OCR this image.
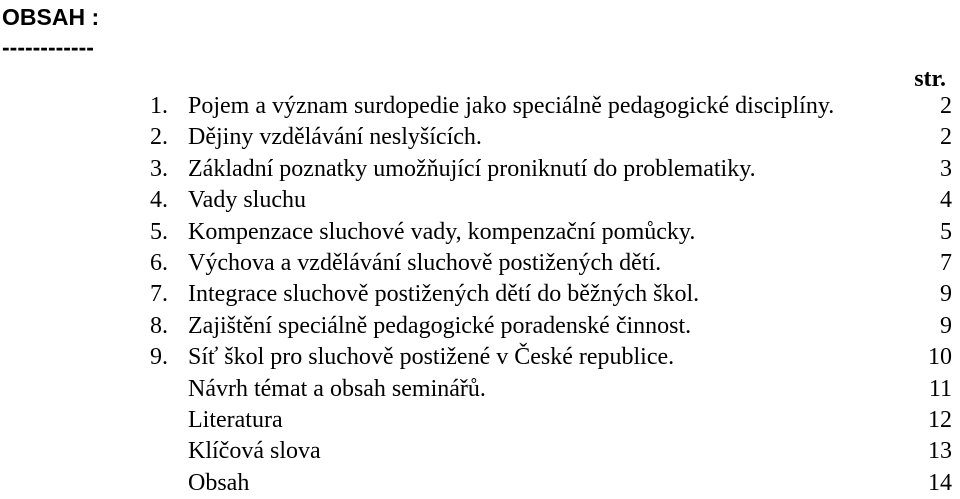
OBSAH :
------------
str.
1. Pojem a význam surdopedie jako speciálně pedagogické disciplíny.	2
2. Dějiny vzdělávání neslyšících.	2
3. Základní poznatky umožňující proniknutí do problematiky.	3
4. Vady sluchu	4
5. Kompenzace sluchové vady, kompenzační pomůcky.	5
6. Výchova a vzdělávání sluchově postižených dětí.	7
7. Integrace sluchově postižených dětí do běžných škol.	9
8. Zajištění speciálně pedagogické poradenské činnost.	9
9. Síť škol pro sluchově postižené v České republice.	10
Návrh témat a obsah seminářů.	11
Literatura	12
Klíčová slova	13
Obsah	14
